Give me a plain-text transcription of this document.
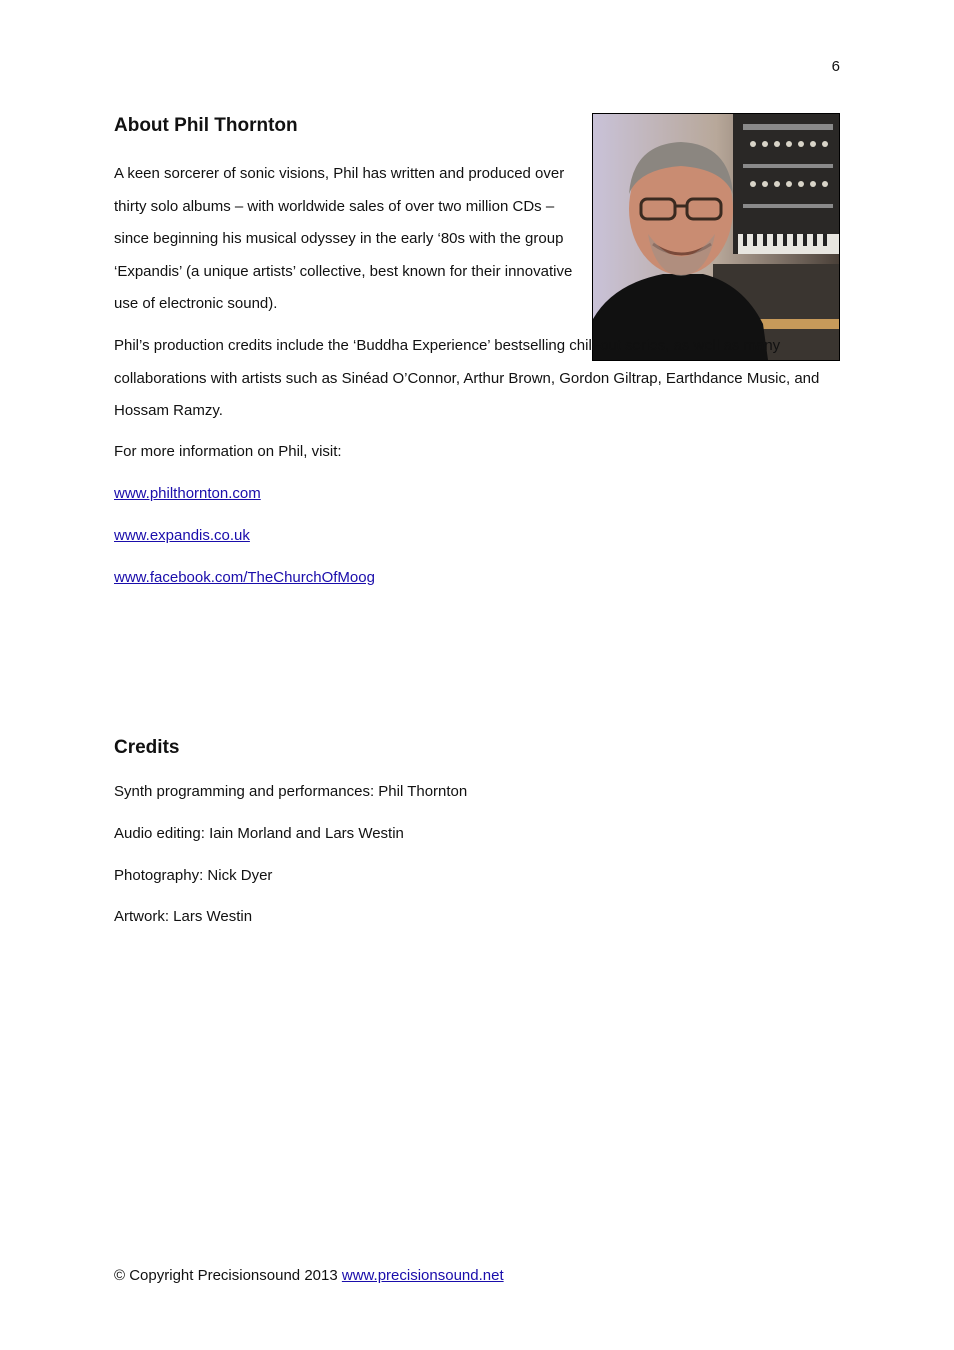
6
About Phil Thornton

A keen sorcerer of sonic visions, Phil has written and produced over thirty solo albums – with worldwide sales of over two million CDs – since beginning his musical odyssey in the early ‘80s with the group ‘Expandis’ (a unique artists’ collective, best known for their innovative use of electronic sound).

Phil’s production credits include the ‘Buddha Experience’ bestselling chill-out series, as well as many collaborations with artists such as Sinéad O’Connor, Arthur Brown, Gordon Giltrap, Earthdance Music, and Hossam Ramzy.

For more information on Phil, visit:

www.philthornton.com
www.expandis.co.uk
www.facebook.com/TheChurchOfMoog
Credits
Synth programming and performances: Phil Thornton
Audio editing: Iain Morland and Lars Westin
Photography: Nick Dyer
Artwork: Lars Westin
© Copyright Precisionsound 2013 www.precisionsound.net
